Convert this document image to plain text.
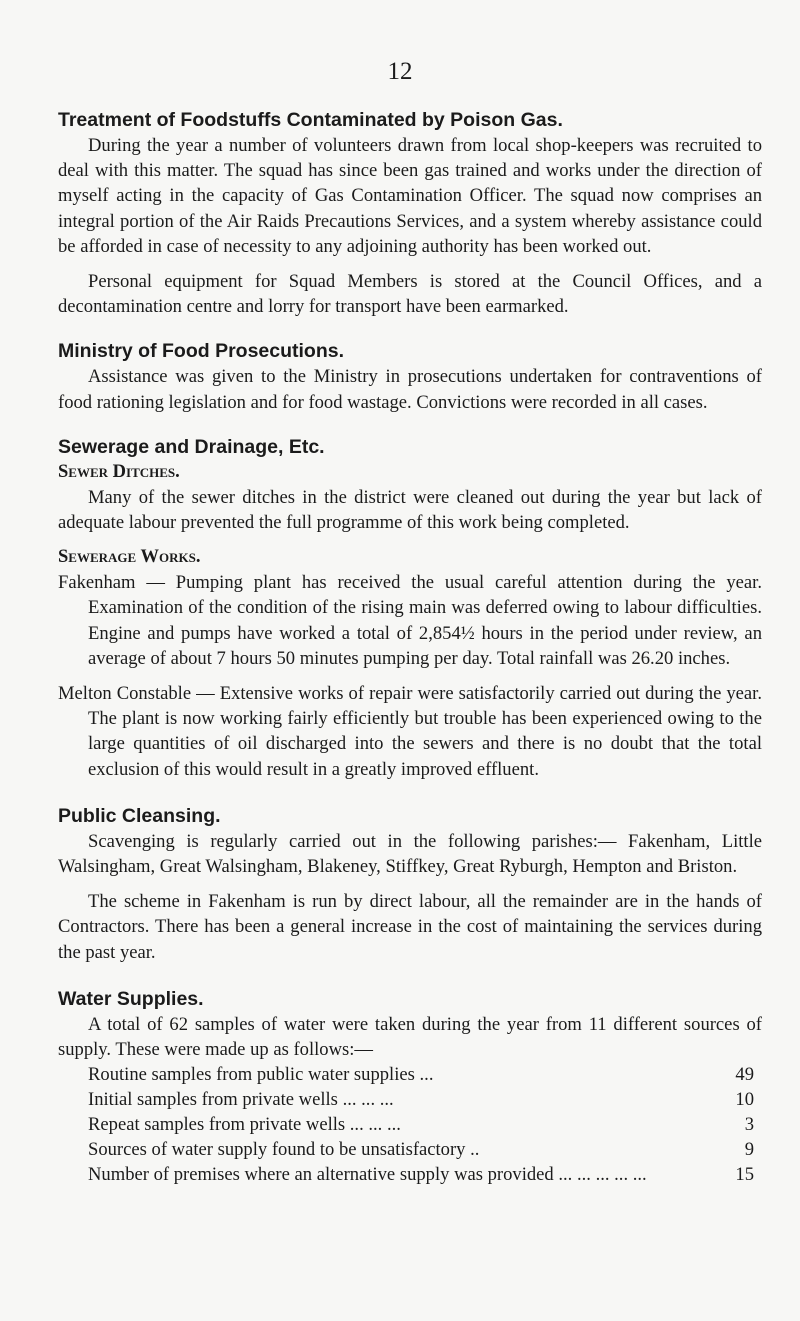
12
Treatment of Foodstuffs Contaminated by Poison Gas.

During the year a number of volunteers drawn from local shop-keepers was recruited to deal with this matter. The squad has since been gas trained and works under the direction of myself acting in the capacity of Gas Contamination Officer. The squad now comprises an integral portion of the Air Raids Precautions Services, and a system whereby assistance could be afforded in case of necessity to any adjoining authority has been worked out.

Personal equipment for Squad Members is stored at the Council Offices, and a decontamination centre and lorry for transport have been earmarked.

Ministry of Food Prosecutions.

Assistance was given to the Ministry in prosecutions undertaken for contraventions of food rationing legislation and for food wastage. Convictions were recorded in all cases.

Sewerage and Drainage, Etc.
Sewer Ditches.

Many of the sewer ditches in the district were cleaned out during the year but lack of adequate labour prevented the full programme of this work being completed.

Sewerage Works.

Fakenham — Pumping plant has received the usual careful attention during the year. Examination of the condition of the rising main was deferred owing to labour difficulties. Engine and pumps have worked a total of 2,854½ hours in the period under review, an average of about 7 hours 50 minutes pumping per day. Total rainfall was 26.20 inches.

Melton Constable — Extensive works of repair were satisfactorily carried out during the year. The plant is now working fairly efficiently but trouble has been experienced owing to the large quantities of oil discharged into the sewers and there is no doubt that the total exclusion of this would result in a greatly improved effluent.

Public Cleansing.

Scavenging is regularly carried out in the following parishes:— Fakenham, Little Walsingham, Great Walsingham, Blakeney, Stiffkey, Great Ryburgh, Hempton and Briston.

The scheme in Fakenham is run by direct labour, all the remainder are in the hands of Contractors. There has been a general increase in the cost of maintaining the services during the past year.

Water Supplies.

A total of 62 samples of water were taken during the year from 11 different sources of supply. These were made up as follows:—

Routine samples from public water supplies ...	49
Initial samples from private wells ... ... ...	10
Repeat samples from private wells ... ... ...	3
Sources of water supply found to be unsatisfactory ..	9
Number of premises where an alternative supply was provided ... ... ... ... ...	15
